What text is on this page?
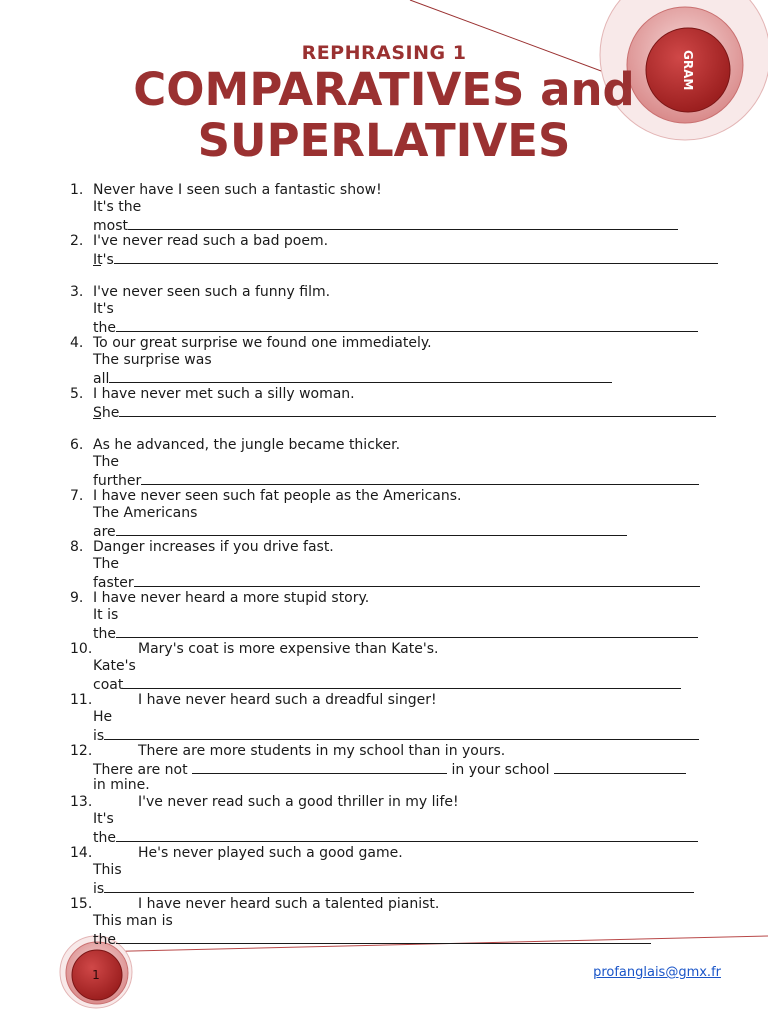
REPHRASING 1
COMPARATIVES and
SUPERLATIVES
GRAM
1. Never have I seen such a fantastic show!
It's the
most
2. I've never read such a bad poem.
It's
3. I've never seen such a funny film.
It's
the
4. To our great surprise we found one immediately.
The surprise was
all
5. I have never met such a silly woman.
She
6. As he advanced, the jungle became thicker.
The
further
7. I have never seen such fat people as the Americans.
The Americans
are
8. Danger increases if you drive fast.
The
faster
9. I have never heard a more stupid story.
It is
the
10.	Mary's coat is more expensive than Kate's.
Kate's
coat
11.	I have never heard such a dreadful singer!
He
is
12.	There are more students in my school than in yours.
There are not	in your school
in mine.
13.	I've never read such a good thriller in my life!
It's
the
14.	He's never played such a good game.
This
is
15.	I have never heard such a talented pianist.
This man is
the
1	profanglais@gmx.fr
